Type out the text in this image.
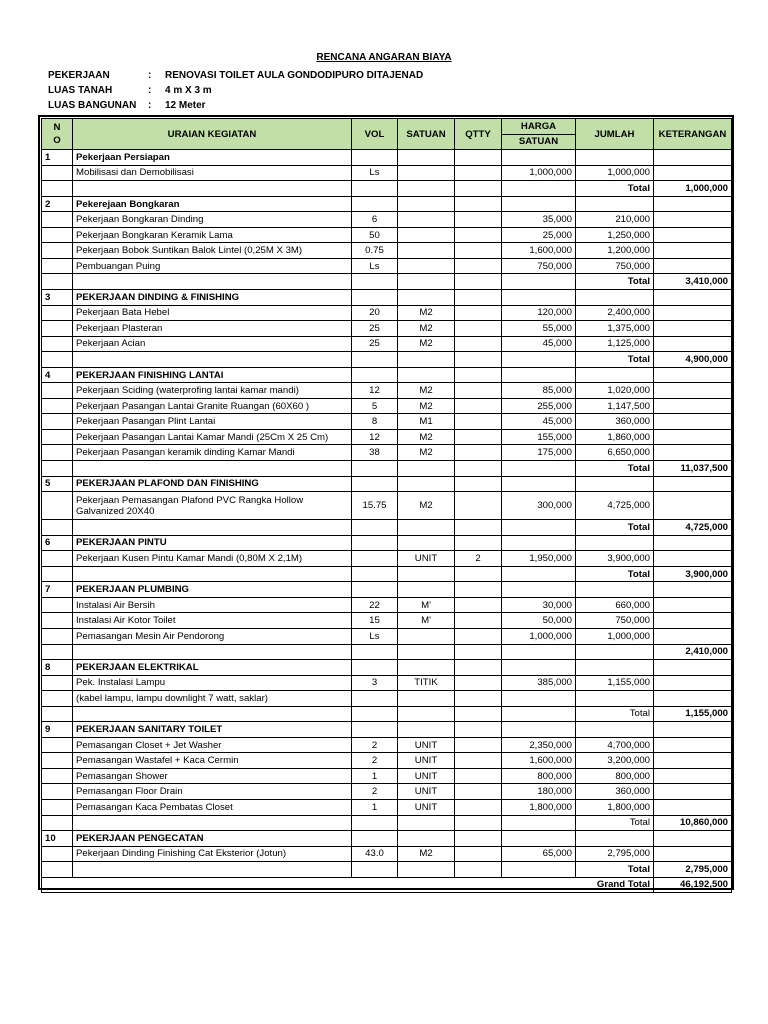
RENCANA ANGARAN BIAYA
PEKERJAAN	:	RENOVASI TOILET AULA GONDODIPURO DITAJENAD
LUAS TANAH	:	4 m X 3 m
LUAS BANGUNAN	:	12 Meter
N
O	URAIAN KEGIATAN	VOL	SATUAN	QTTY	HARGA	JUMLAH	KETERANGAN
					SATUAN		
1	Pekerjaan Persiapan						
	Mobilisasi dan Demobilisasi	Ls			1,000,000	1,000,000	
						Total	1,000,000
2	Pekerejaan Bongkaran						
	Pekerjaan Bongkaran Dinding	6			35,000	210,000	
	Pekerjaan Bongkaran Keramik Lama	50			25,000	1,250,000	
	Pekerjaan Bobok Suntikan Balok Lintel (0,25M X 3M)	0.75			1,600,000	1,200,000	
	Pembuangan Puing	Ls			750,000	750,000	
						Total	3,410,000
3	PEKERJAAN DINDING & FINISHING						
	Pekerjaan Bata Hebel	20	M2		120,000	2,400,000	
	Pekerjaan Plasteran	25	M2		55,000	1,375,000	
	Pekerjaan Acian	25	M2		45,000	1,125,000	
						Total	4,900,000
4	PEKERJAAN FINISHING LANTAI						
	Pekerjaan Sciding (waterprofing lantai kamar mandi)	12	M2		85,000	1,020,000	
	Pekerjaan Pasangan Lantai Granite Ruangan (60X60 )	5	M2		255,000	1,147,500	
	Pekerjaan Pasangan Plint Lantai	8	M1		45,000	360,000	
	Pekerjaan Pasangan Lantai Kamar Mandi (25Cm X 25 Cm)	12	M2		155,000	1,860,000	
	Pekerjaan Pasangan keramik dinding Kamar Mandi	38	M2		175,000	6,650,000	
						Total	11,037,500
5	PEKERJAAN PLAFOND DAN FINISHING						
	Pekerjaan Pemasangan Plafond PVC Rangka Hollow Galvanized 20X40	15.75	M2		300,000	4,725,000	
						Total	4,725,000
6	PEKERJAAN PINTU						
	Pekerjaan Kusen Pintu Kamar Mandi (0,80M X 2,1M)		UNIT	2	1,950,000	3,900,000	
						Total	3,900,000
7	PEKERJAAN PLUMBING						
	Instalasi Air Bersih	22	M'		30,000	660,000	
	Instalasi Air Kotor Toilet	15	M'		50,000	750,000	
	Pemasangan Mesin Air Pendorong	Ls			1,000,000	1,000,000	
							2,410,000
8	PEKERJAAN ELEKTRIKAL						
	Pek. Instalasi Lampu	3	TITIK		385,000	1,155,000	
	(kabel lampu, lampu downlight 7 watt, saklar)						
						Total	1,155,000
9	PEKERJAAN SANITARY TOILET						
	Pemasangan Closet + Jet Washer	2	UNIT		2,350,000	4,700,000	
	Pemasangan Wastafel + Kaca Cermin	2	UNIT		1,600,000	3,200,000	
	Pemasangan Shower	1	UNIT		800,000	800,000	
	Pemasangan Floor Drain	2	UNIT		180,000	360,000	
	Pemasangan Kaca Pembatas Closet	1	UNIT		1,800,000	1,800,000	
						Total	10,860,000
10	PEKERJAAN PENGECATAN						
	Pekerjaan Dinding Finishing Cat Eksterior (Jotun)	43.0	M2		65,000	2,795,000	
						Total	2,795,000
Grand Total							46,192,500
